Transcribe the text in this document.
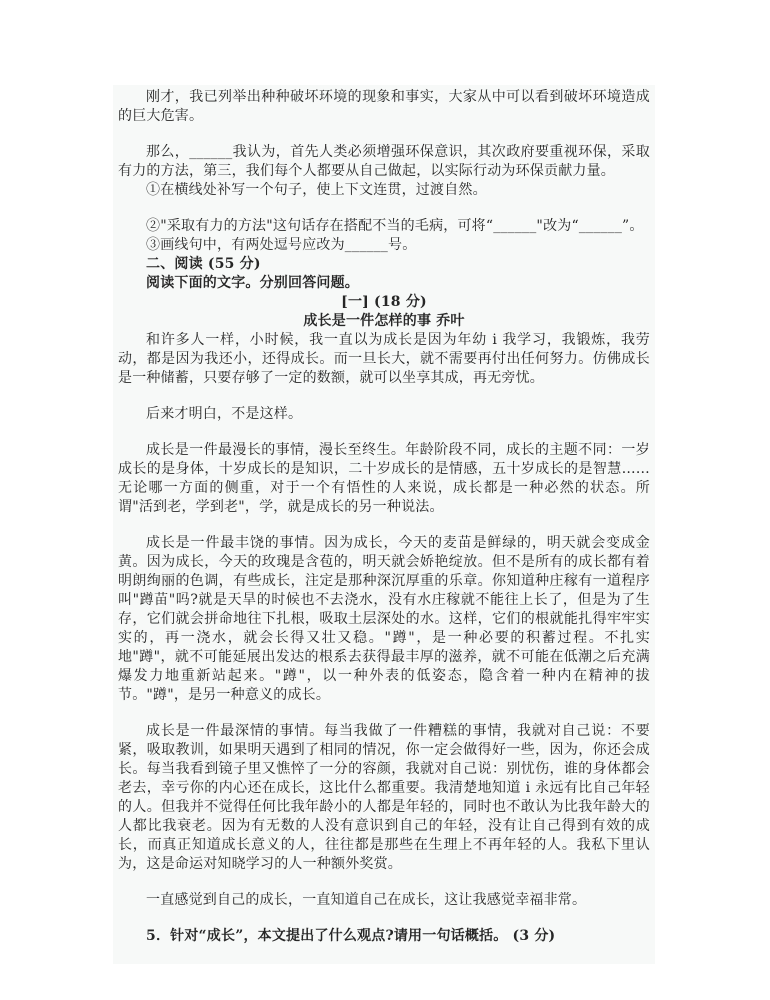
刚才，我已列举出种种破坏环境的现象和事实，大家从中可以看到破坏环境造成的巨大危害。

那么，______我认为，首先人类必须增强环保意识，其次政府要重视环保，采取有力的方法，第三，我们每个人都要从自己做起，以实际行动为环保贡献力量。

①在横线处补写一个句子，使上下文连贯，过渡自然。

②"采取有力的方法"这句话存在搭配不当的毛病，可将“______"改为“______”。

③画线句中，有两处逗号应改为______号。

二、阅读 (55 分)

阅读下面的文字。分别回答问题。

[一] (18 分)

成长是一件怎样的事 乔叶

和许多人一样，小时候，我一直以为成长是因为年幼 i 我学习，我锻炼，我劳动，都是因为我还小，还得成长。而一旦长大，就不需要再付出任何努力。仿佛成长是一种储蓄，只要存够了一定的数额，就可以坐享其成，再无旁忧。

后来才明白，不是这样。

成长是一件最漫长的事情，漫长至终生。年龄阶段不同，成长的主题不同：一岁成长的是身体，十岁成长的是知识，二十岁成长的是情感，五十岁成长的是智慧……无论哪一方面的侧重，对于一个有悟性的人来说，成长都是一种必然的状态。所谓"活到老，学到老"，学，就是成长的另一种说法。

成长是一件最丰饶的事情。因为成长，今天的麦苗是鲜绿的，明天就会变成金黄。因为成长，今天的玫瑰是含苞的，明天就会娇艳绽放。但不是所有的成长都有着明朗绚丽的色调，有些成长，注定是那种深沉厚重的乐章。你知道种庄稼有一道程序叫"蹲苗"吗?就是天旱的时候也不去浇水，没有水庄稼就不能往上长了，但是为了生存，它们就会拼命地往下扎根，吸取土层深处的水。这样，它们的根就能扎得牢牢实实的，再一浇水，就会长得又壮又稳。"蹲"，是一种必要的积蓄过程。不扎实地"蹲"，就不可能延展出发达的根系去获得最丰厚的滋养，就不可能在低潮之后充满爆发力地重新站起来。"蹲"，以一种外表的低姿态，隐含着一种内在精神的拔节。"蹲"，是另一种意义的成长。

成长是一件最深情的事情。每当我做了一件糟糕的事情，我就对自己说：不要紧，吸取教训，如果明天遇到了相同的情况，你一定会做得好一些，因为，你还会成长。每当我看到镜子里又憔悴了一分的容颜，我就对自己说：别忧伤，谁的身体都会老去，幸亏你的内心还在成长，这比什么都重要。我清楚地知道 i 永远有比自己年轻的人。但我并不觉得任何比我年龄小的人都是年轻的，同时也不敢认为比我年龄大的人都比我衰老。因为有无数的人没有意识到自己的年轻，没有让自己得到有效的成长，而真正知道成长意义的人，往往都是那些在生理上不再年轻的人。我私下里认为，这是命运对知晓学习的人一种额外奖赏。

一直感觉到自己的成长，一直知道自己在成长，这让我感觉幸福非常。

5．针对“成长”，本文提出了什么观点?请用一句话概括。 (3 分)
